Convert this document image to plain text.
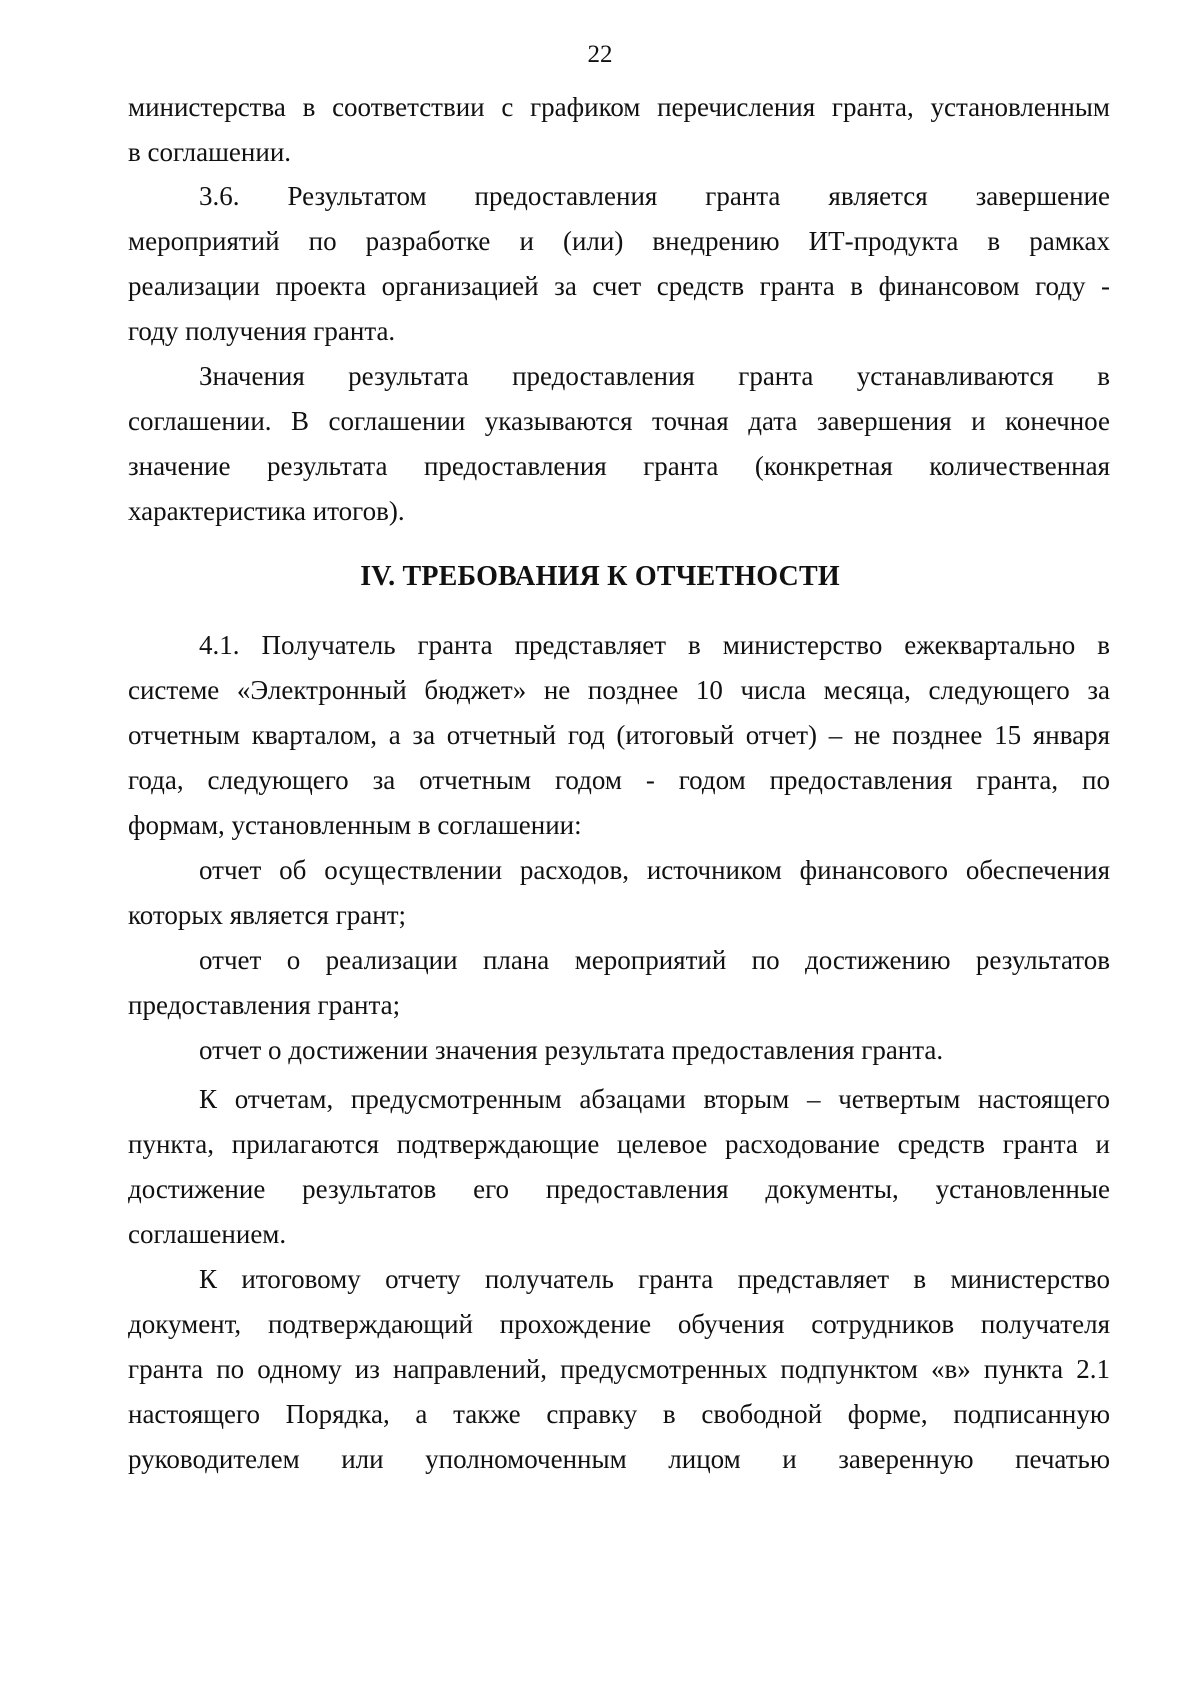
22
министерства в соответствии с графиком перечисления гранта, установленным
в соглашении.
3.6. Результатом предоставления гранта является завершение
мероприятий по разработке и (или) внедрению ИТ-продукта в рамках
реализации проекта организацией за счет средств гранта в финансовом году -
году получения гранта.
Значения результата предоставления гранта устанавливаются в
соглашении. В соглашении указываются точная дата завершения и конечное
значение результата предоставления гранта (конкретная количественная
характеристика итогов).
IV. ТРЕБОВАНИЯ К ОТЧЕТНОСТИ
4.1. Получатель гранта представляет в министерство ежеквартально в
системе «Электронный бюджет» не позднее 10 числа месяца, следующего за
отчетным кварталом, а за отчетный год (итоговый отчет) – не позднее 15 января
года, следующего за отчетным годом - годом предоставления гранта, по
формам, установленным в соглашении:
отчет об осуществлении расходов, источником финансового обеспечения
которых является грант;
отчет о реализации плана мероприятий по достижению результатов
предоставления гранта;
отчет о достижении значения результата предоставления гранта.
К отчетам, предусмотренным абзацами вторым – четвертым настоящего
пункта, прилагаются подтверждающие целевое расходование средств гранта и
достижение результатов его предоставления документы, установленные
соглашением.
К итоговому отчету получатель гранта представляет в министерство
документ, подтверждающий прохождение обучения сотрудников получателя
гранта по одному из направлений, предусмотренных подпунктом «в» пункта 2.1
настоящего Порядка, а также справку в свободной форме, подписанную
руководителем или уполномоченным лицом и заверенную печатью
